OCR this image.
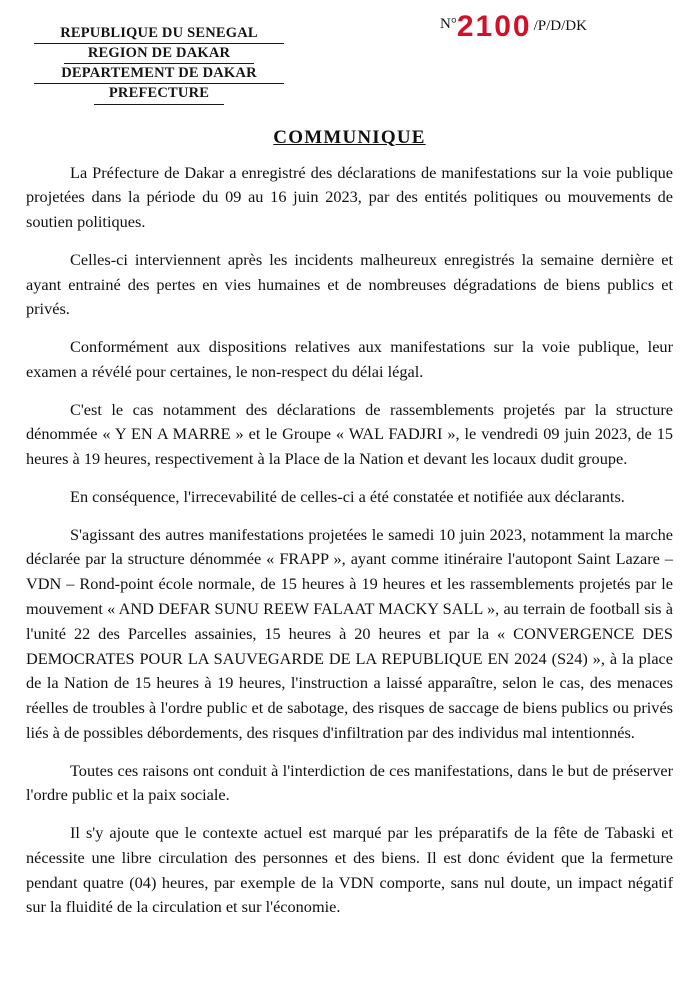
N°2100 /P/D/DK
REPUBLIQUE DU SENEGAL
REGION DE DAKAR
DEPARTEMENT DE DAKAR
PREFECTURE
COMMUNIQUE

La Préfecture de Dakar a enregistré des déclarations de manifestations sur la voie publique projetées dans la période du 09 au 16 juin 2023, par des entités politiques ou mouvements de soutien politiques.

Celles-ci interviennent après les incidents malheureux enregistrés la semaine dernière et ayant entrainé des pertes en vies humaines et de nombreuses dégradations de biens publics et privés.

Conformément aux dispositions relatives aux manifestations sur la voie publique, leur examen a révélé pour certaines, le non-respect du délai légal.

C'est le cas notamment des déclarations de rassemblements projetés par la structure dénommée « Y EN A MARRE » et le Groupe « WAL FADJRI », le vendredi 09 juin 2023, de 15 heures à 19 heures, respectivement à la Place de la Nation et devant les locaux dudit groupe.

En conséquence, l'irrecevabilité de celles-ci a été constatée et notifiée aux déclarants.

S'agissant des autres manifestations projetées le samedi 10 juin 2023, notamment la marche déclarée par la structure dénommée « FRAPP », ayant comme itinéraire l'autopont Saint Lazare – VDN – Rond-point école normale, de 15 heures à 19 heures et les rassemblements projetés par le mouvement « AND DEFAR SUNU REEW FALAAT MACKY SALL », au terrain de football sis à l'unité 22 des Parcelles assainies, 15 heures à 20 heures et par la « CONVERGENCE DES DEMOCRATES POUR LA SAUVEGARDE DE LA REPUBLIQUE EN 2024 (S24) », à la place de la Nation de 15 heures à 19 heures, l'instruction a laissé apparaître, selon le cas, des menaces réelles de troubles à l'ordre public et de sabotage, des risques de saccage de biens publics ou privés liés à de possibles débordements, des risques d'infiltration par des individus mal intentionnés.

Toutes ces raisons ont conduit à l'interdiction de ces manifestations, dans le but de préserver l'ordre public et la paix sociale.

Il s'y ajoute que le contexte actuel est marqué par les préparatifs de la fête de Tabaski et nécessite une libre circulation des personnes et des biens. Il est donc évident que la fermeture pendant quatre (04) heures, par exemple de la VDN comporte, sans nul doute, un impact négatif sur la fluidité de la circulation et sur l'économie.
